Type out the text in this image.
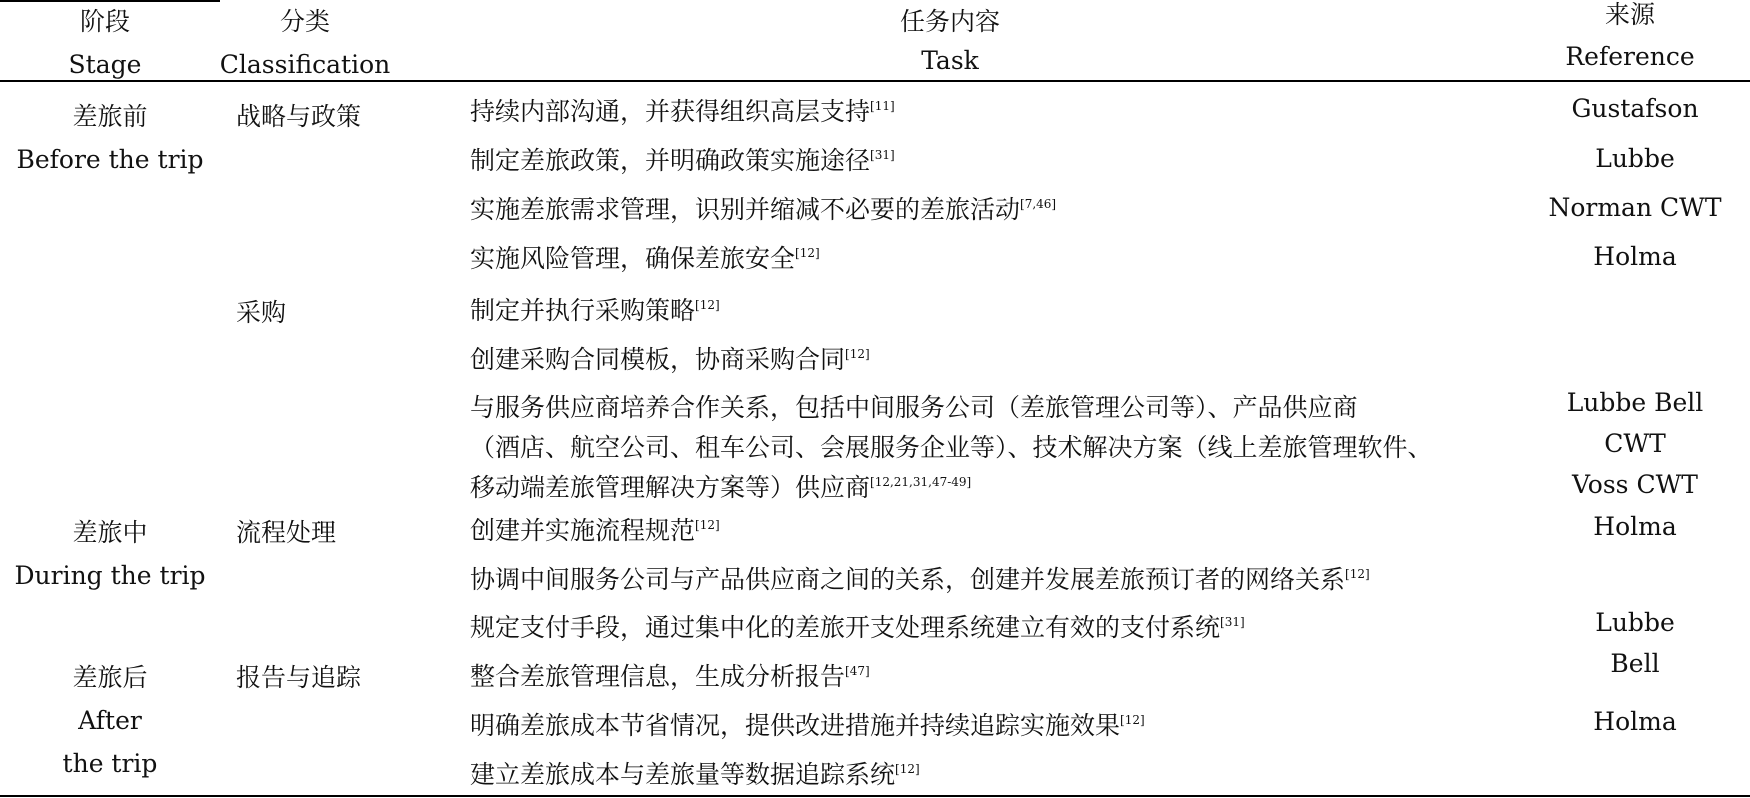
阶段
Stage
分类
Classification
任务内容
Task
来源
Reference
差旅前
Before the trip
差旅中
During the trip
差旅后
After
the trip
战略与政策
采购
流程处理
报告与追踪
持续内部沟通，并获得组织高层支持[11]
制定差旅政策，并明确政策实施途径[31]
实施差旅需求管理，识别并缩减不必要的差旅活动[7,46]
实施风险管理，确保差旅安全[12]
制定并执行采购策略[12]
创建采购合同模板，协商采购合同[12]
与服务供应商培养合作关系，包括中间服务公司（差旅管理公司等）、产品供应商
（酒店、航空公司、租车公司、会展服务企业等）、技术解决方案（线上差旅管理软件、
移动端差旅管理解决方案等）供应商[12,21,31,47-49]
创建并实施流程规范[12]
协调中间服务公司与产品供应商之间的关系，创建并发展差旅预订者的网络关系[12]
规定支付手段，通过集中化的差旅开支处理系统建立有效的支付系统[31]
整合差旅管理信息，生成分析报告[47]
明确差旅成本节省情况，提供改进措施并持续追踪实施效果[12]
建立差旅成本与差旅量等数据追踪系统[12]
Gustafson
Lubbe
Norman CWT
Holma
Lubbe Bell
CWT
Voss CWT
Holma
Lubbe
Bell
Holma
